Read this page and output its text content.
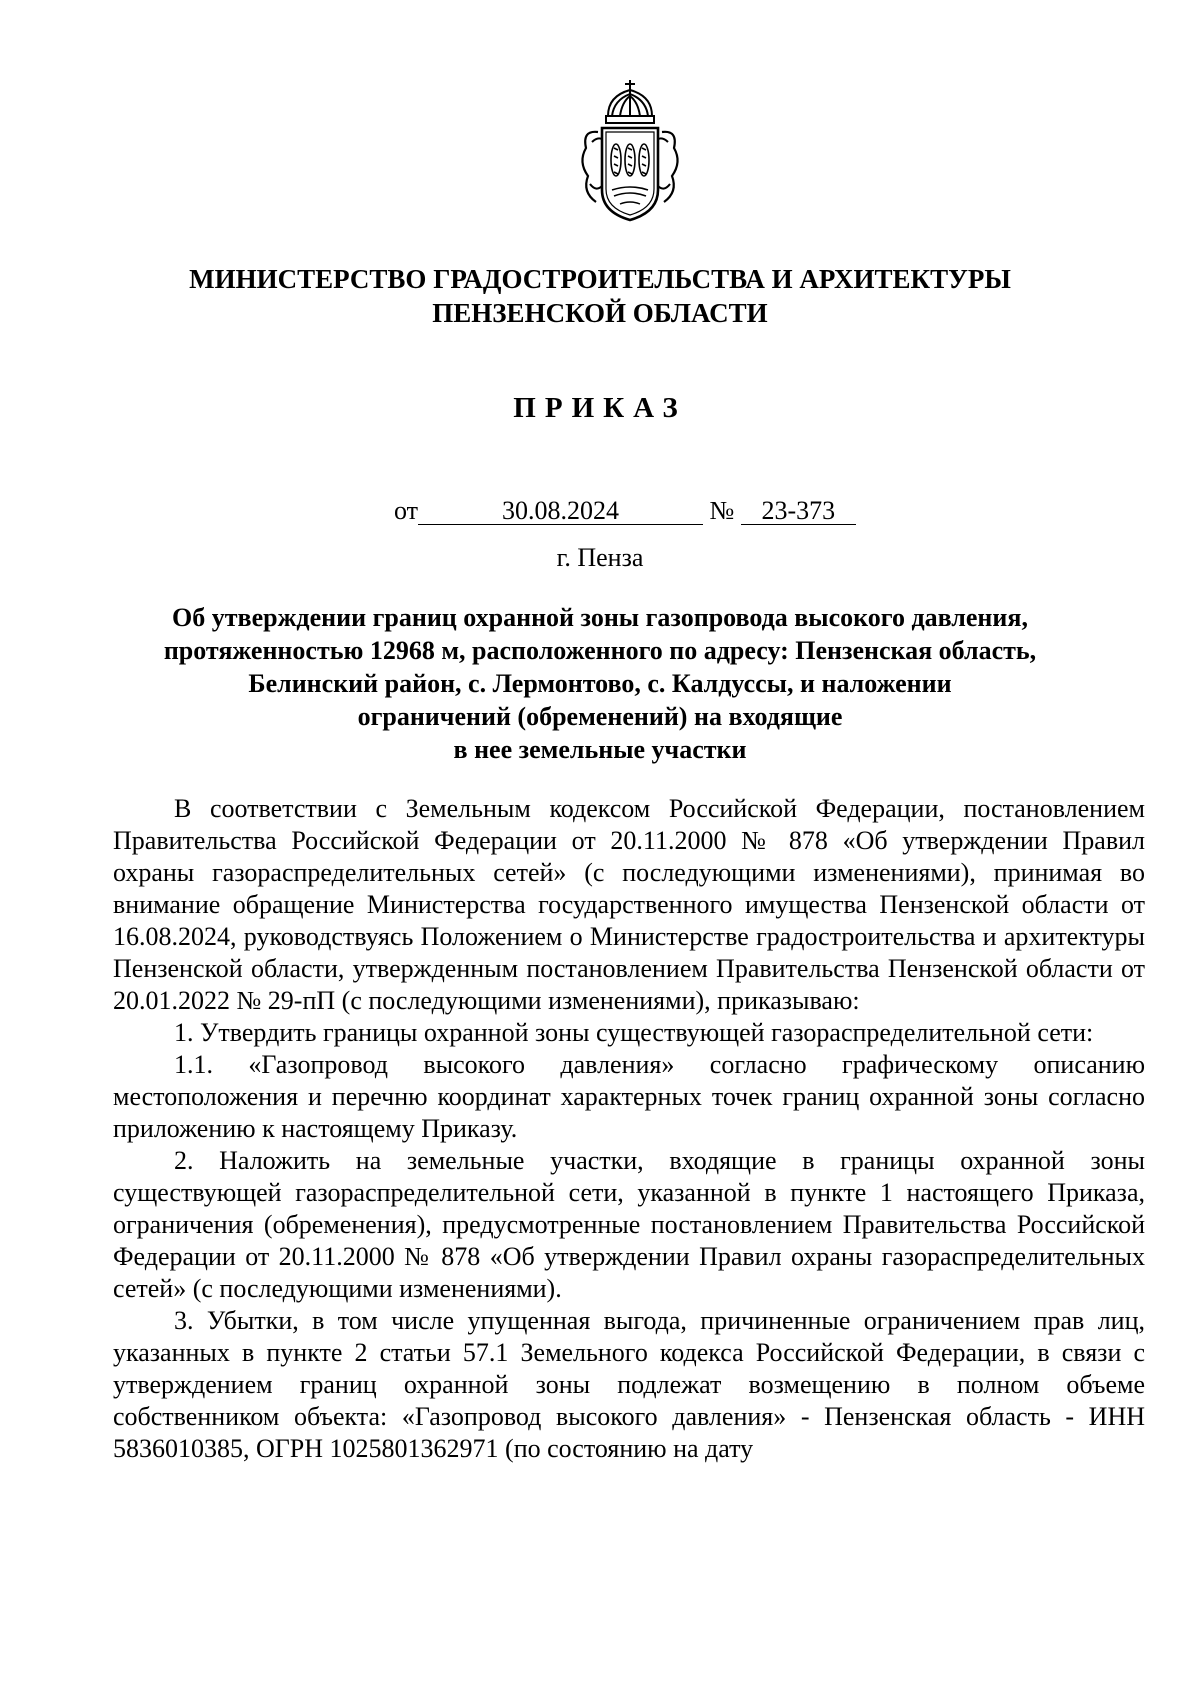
МИНИСТЕРСТВО ГРАДОСТРОИТЕЛЬСТВА И АРХИТЕКТУРЫ
ПЕНЗЕНСКОЙ ОБЛАСТИ
ПРИКАЗ
от	30.08.2024	№ 23-373
г. Пенза
Об утверждении границ охранной зоны газопровода высокого давления,
протяженностью 12968 м, расположенного по адресу: Пензенская область,
Белинский район, с. Лермонтово, с. Калдуссы, и наложении
ограничений (обременений) на входящие
в нее земельные участки

В соответствии с Земельным кодексом Российской Федерации, постановлением Правительства Российской Федерации от 20.11.2000 № 878 «Об утверждении Правил охраны газораспределительных сетей» (с последующими изменениями), принимая во внимание обращение Министерства государственного имущества Пензенской области от 16.08.2024, руководствуясь Положением о Министерстве градостроительства и архитектуры Пензенской области, утвержденным постановлением Правительства Пензенской области от 20.01.2022 № 29-пП (с последующими изменениями), приказываю:

1. Утвердить границы охранной зоны существующей газораспределительной сети:

1.1. «Газопровод высокого давления» согласно графическому описанию местоположения и перечню координат характерных точек границ охранной зоны согласно приложению к настоящему Приказу.

2. Наложить на земельные участки, входящие в границы охранной зоны существующей газораспределительной сети, указанной в пункте 1 настоящего Приказа, ограничения (обременения), предусмотренные постановлением Правительства Российской Федерации от 20.11.2000 № 878 «Об утверждении Правил охраны газораспределительных сетей» (с последующими изменениями).

3. Убытки, в том числе упущенная выгода, причиненные ограничением прав лиц, указанных в пункте 2 статьи 57.1 Земельного кодекса Российской Федерации, в связи с утверждением границ охранной зоны подлежат возмещению в полном объеме собственником объекта: «Газопровод высокого давления» - Пензенская область - ИНН 5836010385, ОГРН 1025801362971 (по состоянию на дату
